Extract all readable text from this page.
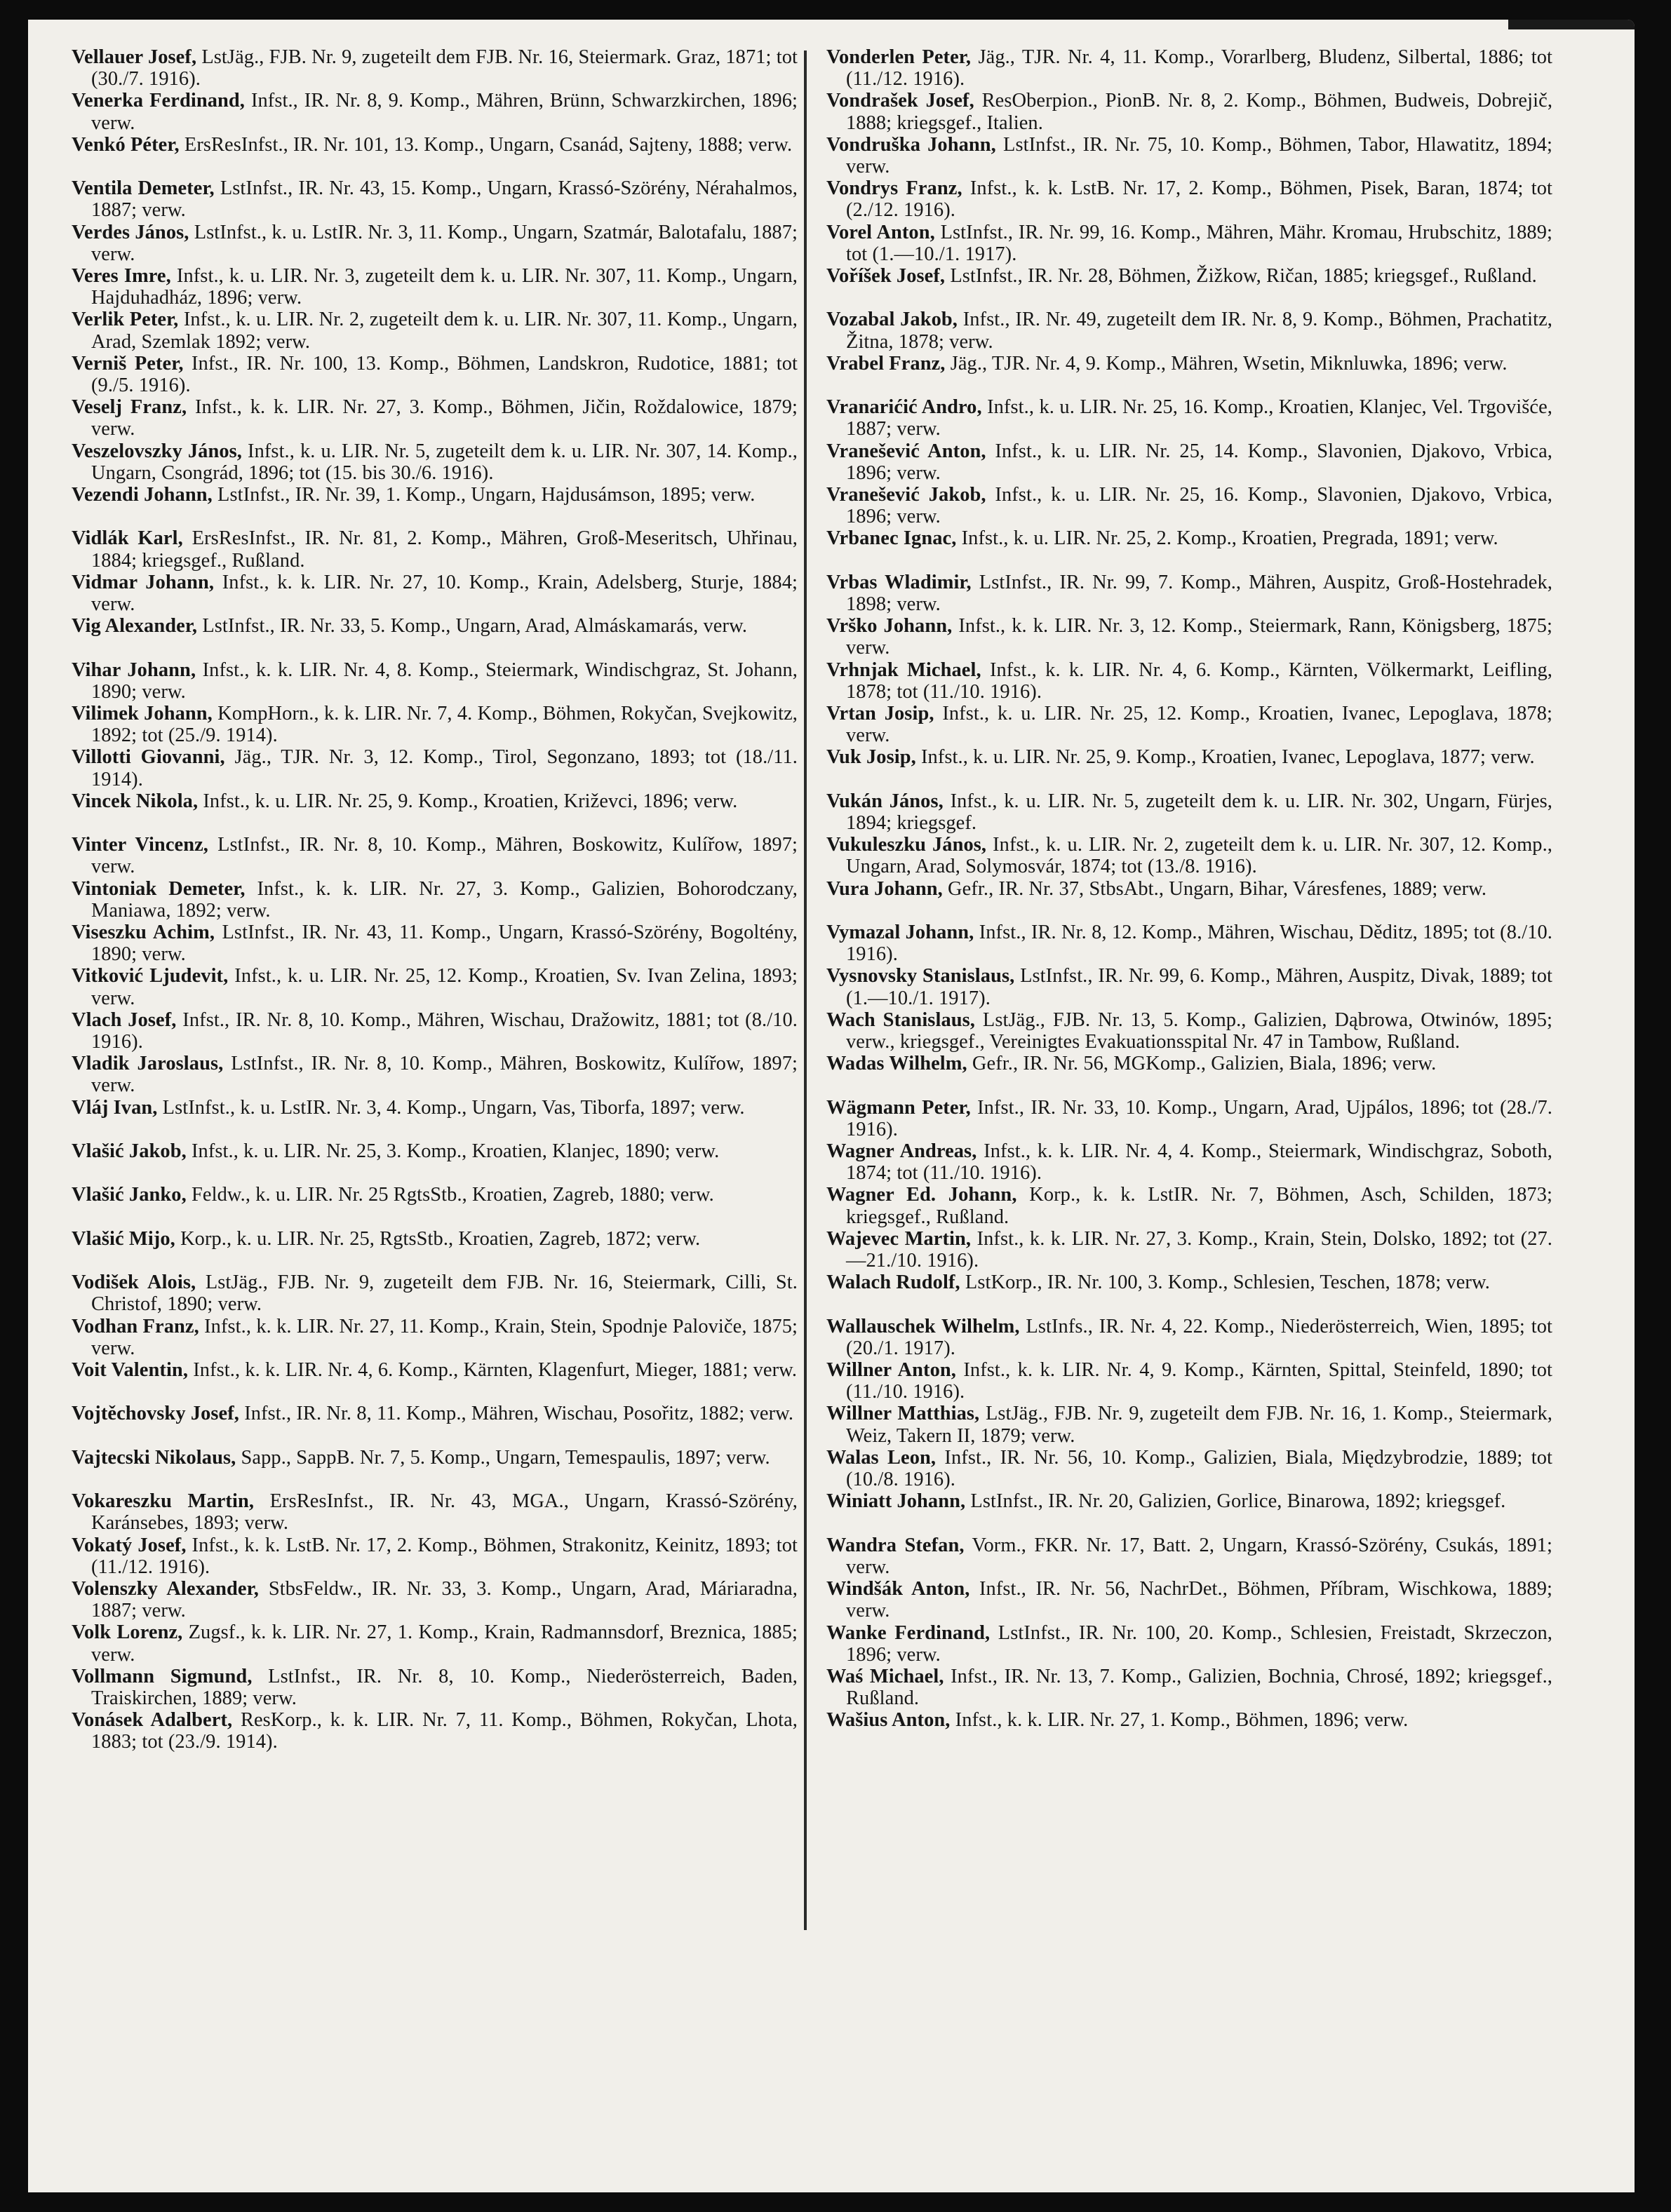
Vellauer Josef, LstJäg., FJB. Nr. 9, zugeteilt dem FJB. Nr. 16, Steiermark. Graz, 1871; tot (30./7. 1916).

Venerka Ferdinand, Infst., IR. Nr. 8, 9. Komp., Mähren, Brünn, Schwarzkirchen, 1896; verw.

Venkó Péter, ErsResInfst., IR. Nr. 101, 13. Komp., Ungarn, Csanád, Sajteny, 1888; verw.

Ventila Demeter, LstInfst., IR. Nr. 43, 15. Komp., Ungarn, Krassó-Szörény, Nérahalmos, 1887; verw.

Verdes János, LstInfst., k. u. LstIR. Nr. 3, 11. Komp., Ungarn, Szatmár, Balotafalu, 1887; verw.

Veres Imre, Infst., k. u. LIR. Nr. 3, zugeteilt dem k. u. LIR. Nr. 307, 11. Komp., Ungarn, Hajduhadház, 1896; verw.

Verlik Peter, Infst., k. u. LIR. Nr. 2, zugeteilt dem k. u. LIR. Nr. 307, 11. Komp., Ungarn, Arad, Szemlak 1892; verw.

Verniš Peter, Infst., IR. Nr. 100, 13. Komp., Böhmen, Landskron, Rudotice, 1881; tot (9./5. 1916).

Veselj Franz, Infst., k. k. LIR. Nr. 27, 3. Komp., Böhmen, Jičin, Roždalowice, 1879; verw.

Veszelovszky János, Infst., k. u. LIR. Nr. 5, zugeteilt dem k. u. LIR. Nr. 307, 14. Komp., Ungarn, Csongrád, 1896; tot (15. bis 30./6. 1916).

Vezendi Johann, LstInfst., IR. Nr. 39, 1. Komp., Ungarn, Hajdusámson, 1895; verw.

Vidlák Karl, ErsResInfst., IR. Nr. 81, 2. Komp., Mähren, Groß-Meseritsch, Uhřinau, 1884; kriegsgef., Rußland.

Vidmar Johann, Infst., k. k. LIR. Nr. 27, 10. Komp., Krain, Adelsberg, Sturje, 1884; verw.

Vig Alexander, LstInfst., IR. Nr. 33, 5. Komp., Ungarn, Arad, Almáskamarás, verw.

Vihar Johann, Infst., k. k. LIR. Nr. 4, 8. Komp., Steiermark, Windischgraz, St. Johann, 1890; verw.

Vilimek Johann, KompHorn., k. k. LIR. Nr. 7, 4. Komp., Böhmen, Rokyčan, Svejkowitz, 1892; tot (25./9. 1914).

Villotti Giovanni, Jäg., TJR. Nr. 3, 12. Komp., Tirol, Segonzano, 1893; tot (18./11. 1914).

Vincek Nikola, Infst., k. u. LIR. Nr. 25, 9. Komp., Kroatien, Križevci, 1896; verw.

Vinter Vincenz, LstInfst., IR. Nr. 8, 10. Komp., Mähren, Boskowitz, Kulířow, 1897; verw.

Vintoniak Demeter, Infst., k. k. LIR. Nr. 27, 3. Komp., Galizien, Bohorodczany, Maniawa, 1892; verw.

Viseszku Achim, LstInfst., IR. Nr. 43, 11. Komp., Ungarn, Krassó-Szörény, Bogoltény, 1890; verw.

Vitković Ljudevit, Infst., k. u. LIR. Nr. 25, 12. Komp., Kroatien, Sv. Ivan Zelina, 1893; verw.

Vlach Josef, Infst., IR. Nr. 8, 10. Komp., Mähren, Wischau, Dražowitz, 1881; tot (8./10. 1916).

Vladik Jaroslaus, LstInfst., IR. Nr. 8, 10. Komp., Mähren, Boskowitz, Kulířow, 1897; verw.

Vláj Ivan, LstInfst., k. u. LstIR. Nr. 3, 4. Komp., Ungarn, Vas, Tiborfa, 1897; verw.

Vlašić Jakob, Infst., k. u. LIR. Nr. 25, 3. Komp., Kroatien, Klanjec, 1890; verw.

Vlašić Janko, Feldw., k. u. LIR. Nr. 25 RgtsStb., Kroatien, Zagreb, 1880; verw.

Vlašić Mijo, Korp., k. u. LIR. Nr. 25, RgtsStb., Kroatien, Zagreb, 1872; verw.

Vodišek Alois, LstJäg., FJB. Nr. 9, zugeteilt dem FJB. Nr. 16, Steiermark, Cilli, St. Christof, 1890; verw.

Vodhan Franz, Infst., k. k. LIR. Nr. 27, 11. Komp., Krain, Stein, Spodnje Paloviče, 1875; verw.

Voit Valentin, Infst., k. k. LIR. Nr. 4, 6. Komp., Kärnten, Klagenfurt, Mieger, 1881; verw.

Vojtěchovsky Josef, Infst., IR. Nr. 8, 11. Komp., Mähren, Wischau, Posořitz, 1882; verw.

Vajtecski Nikolaus, Sapp., SappB. Nr. 7, 5. Komp., Ungarn, Temespaulis, 1897; verw.

Vokareszku Martin, ErsResInfst., IR. Nr. 43, MGA., Ungarn, Krassó-Szörény, Karánsebes, 1893; verw.

Vokatý Josef, Infst., k. k. LstB. Nr. 17, 2. Komp., Böhmen, Strakonitz, Keinitz, 1893; tot (11./12. 1916).

Volenszky Alexander, StbsFeldw., IR. Nr. 33, 3. Komp., Ungarn, Arad, Máriaradna, 1887; verw.

Volk Lorenz, Zugsf., k. k. LIR. Nr. 27, 1. Komp., Krain, Radmannsdorf, Breznica, 1885; verw.

Vollmann Sigmund, LstInfst., IR. Nr. 8, 10. Komp., Niederösterreich, Baden, Traiskirchen, 1889; verw.

Vonásek Adalbert, ResKorp., k. k. LIR. Nr. 7, 11. Komp., Böhmen, Rokyčan, Lhota, 1883; tot (23./9. 1914).

Vonderlen Peter, Jäg., TJR. Nr. 4, 11. Komp., Vorarlberg, Bludenz, Silbertal, 1886; tot (11./12. 1916).

Vondrašek Josef, ResOberpion., PionB. Nr. 8, 2. Komp., Böhmen, Budweis, Dobrejič, 1888; kriegsgef., Italien.

Vondruška Johann, LstInfst., IR. Nr. 75, 10. Komp., Böhmen, Tabor, Hlawatitz, 1894; verw.

Vondrys Franz, Infst., k. k. LstB. Nr. 17, 2. Komp., Böhmen, Pisek, Baran, 1874; tot (2./12. 1916).

Vorel Anton, LstInfst., IR. Nr. 99, 16. Komp., Mähren, Mähr. Kromau, Hrubschitz, 1889; tot (1.—10./1. 1917).

Voříšek Josef, LstInfst., IR. Nr. 28, Böhmen, Žižkow, Ričan, 1885; kriegsgef., Rußland.

Vozabal Jakob, Infst., IR. Nr. 49, zugeteilt dem IR. Nr. 8, 9. Komp., Böhmen, Prachatitz, Žitna, 1878; verw.

Vrabel Franz, Jäg., TJR. Nr. 4, 9. Komp., Mähren, Wsetin, Miknluwka, 1896; verw.

Vranarićić Andro, Infst., k. u. LIR. Nr. 25, 16. Komp., Kroatien, Klanjec, Vel. Trgovišće, 1887; verw.

Vranešević Anton, Infst., k. u. LIR. Nr. 25, 14. Komp., Slavonien, Djakovo, Vrbica, 1896; verw.

Vranešević Jakob, Infst., k. u. LIR. Nr. 25, 16. Komp., Slavonien, Djakovo, Vrbica, 1896; verw.

Vrbanec Ignac, Infst., k. u. LIR. Nr. 25, 2. Komp., Kroatien, Pregrada, 1891; verw.

Vrbas Wladimir, LstInfst., IR. Nr. 99, 7. Komp., Mähren, Auspitz, Groß-Hostehradek, 1898; verw.

Vrško Johann, Infst., k. k. LIR. Nr. 3, 12. Komp., Steiermark, Rann, Königsberg, 1875; verw.

Vrhnjak Michael, Infst., k. k. LIR. Nr. 4, 6. Komp., Kärnten, Völkermarkt, Leifling, 1878; tot (11./10. 1916).

Vrtan Josip, Infst., k. u. LIR. Nr. 25, 12. Komp., Kroatien, Ivanec, Lepoglava, 1878; verw.

Vuk Josip, Infst., k. u. LIR. Nr. 25, 9. Komp., Kroatien, Ivanec, Lepoglava, 1877; verw.

Vukán János, Infst., k. u. LIR. Nr. 5, zugeteilt dem k. u. LIR. Nr. 302, Ungarn, Fürjes, 1894; kriegsgef.

Vukuleszku János, Infst., k. u. LIR. Nr. 2, zugeteilt dem k. u. LIR. Nr. 307, 12. Komp., Ungarn, Arad, Solymosvár, 1874; tot (13./8. 1916).

Vura Johann, Gefr., IR. Nr. 37, StbsAbt., Ungarn, Bihar, Váresfenes, 1889; verw.

Vymazal Johann, Infst., IR. Nr. 8, 12. Komp., Mähren, Wischau, Děditz, 1895; tot (8./10. 1916).

Vysnovsky Stanislaus, LstInfst., IR. Nr. 99, 6. Komp., Mähren, Auspitz, Divak, 1889; tot (1.—10./1. 1917).

Wach Stanislaus, LstJäg., FJB. Nr. 13, 5. Komp., Galizien, Dąbrowa, Otwinów, 1895; verw., kriegsgef., Vereinigtes Evakuationsspital Nr. 47 in Tambow, Rußland.

Wadas Wilhelm, Gefr., IR. Nr. 56, MGKomp., Galizien, Biala, 1896; verw.

Wägmann Peter, Infst., IR. Nr. 33, 10. Komp., Ungarn, Arad, Ujpálos, 1896; tot (28./7. 1916).

Wagner Andreas, Infst., k. k. LIR. Nr. 4, 4. Komp., Steiermark, Windischgraz, Soboth, 1874; tot (11./10. 1916).

Wagner Ed. Johann, Korp., k. k. LstIR. Nr. 7, Böhmen, Asch, Schilden, 1873; kriegsgef., Rußland.

Wajevec Martin, Infst., k. k. LIR. Nr. 27, 3. Komp., Krain, Stein, Dolsko, 1892; tot (27.—21./10. 1916).

Walach Rudolf, LstKorp., IR. Nr. 100, 3. Komp., Schlesien, Teschen, 1878; verw.

Wallauschek Wilhelm, LstInfs., IR. Nr. 4, 22. Komp., Niederösterreich, Wien, 1895; tot (20./1. 1917).

Willner Anton, Infst., k. k. LIR. Nr. 4, 9. Komp., Kärnten, Spittal, Steinfeld, 1890; tot (11./10. 1916).

Willner Matthias, LstJäg., FJB. Nr. 9, zugeteilt dem FJB. Nr. 16, 1. Komp., Steiermark, Weiz, Takern II, 1879; verw.

Walas Leon, Infst., IR. Nr. 56, 10. Komp., Galizien, Biala, Międzybrodzie, 1889; tot (10./8. 1916).

Winiatt Johann, LstInfst., IR. Nr. 20, Galizien, Gorlice, Binarowa, 1892; kriegsgef.

Wandra Stefan, Vorm., FKR. Nr. 17, Batt. 2, Ungarn, Krassó-Szörény, Csukás, 1891; verw.

Windšák Anton, Infst., IR. Nr. 56, NachrDet., Böhmen, Příbram, Wischkowa, 1889; verw.

Wanke Ferdinand, LstInfst., IR. Nr. 100, 20. Komp., Schlesien, Freistadt, Skrzeczon, 1896; verw.

Waś Michael, Infst., IR. Nr. 13, 7. Komp., Galizien, Bochnia, Chrosé, 1892; kriegsgef., Rußland.

Wašius Anton, Infst., k. k. LIR. Nr. 27, 1. Komp., Böhmen, 1896; verw.
